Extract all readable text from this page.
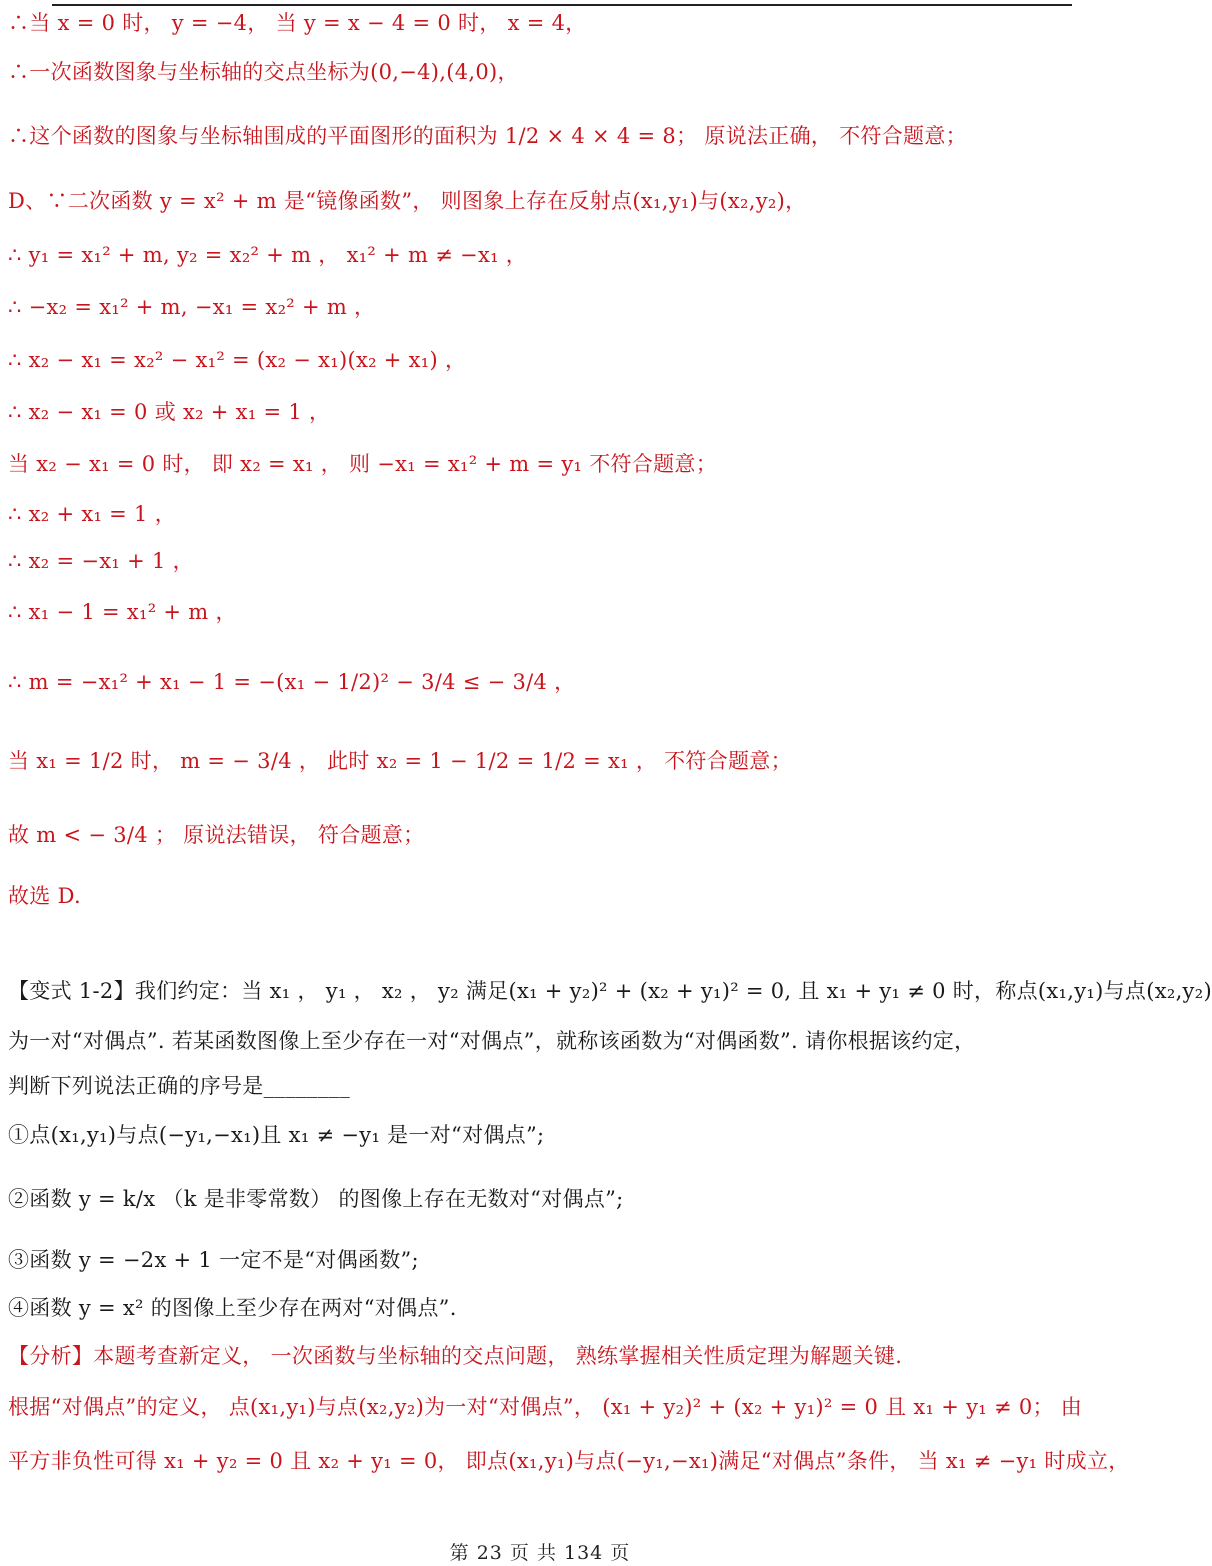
∴当 x = 0 时， y = −4， 当 y = x − 4 = 0 时， x = 4，
∴一次函数图象与坐标轴的交点坐标为(0,−4),(4,0)，
∴这个函数的图象与坐标轴围成的平面图形的面积为 1/2 × 4 × 4 = 8； 原说法正确， 不符合题意；
D、∵二次函数 y = x² + m 是“镜像函数”， 则图象上存在反射点(x₁,y₁)与(x₂,y₂)，
∴ y₁ = x₁² + m, y₂ = x₂² + m ， x₁² + m ≠ −x₁ ，
∴ −x₂ = x₁² + m, −x₁ = x₂² + m ，
∴ x₂ − x₁ = x₂² − x₁² = (x₂ − x₁)(x₂ + x₁) ，
∴ x₂ − x₁ = 0 或 x₂ + x₁ = 1 ，
当 x₂ − x₁ = 0 时， 即 x₂ = x₁ ， 则 −x₁ = x₁² + m = y₁ 不符合题意；
∴ x₂ + x₁ = 1 ，
∴ x₂ = −x₁ + 1 ，
∴ x₁ − 1 = x₁² + m ，
∴ m = −x₁² + x₁ − 1 = −(x₁ − 1/2)² − 3/4 ≤ − 3/4 ，
当 x₁ = 1/2 时， m = − 3/4 ， 此时 x₂ = 1 − 1/2 = 1/2 = x₁ ， 不符合题意；
故 m < − 3/4 ； 原说法错误， 符合题意；
故选 D.
【变式 1-2】我们约定：当 x₁ ， y₁ ， x₂ ， y₂ 满足(x₁ + y₂)² + (x₂ + y₁)² = 0, 且 x₁ + y₁ ≠ 0 时，称点(x₁,y₁)与点(x₂,y₂)
为一对“对偶点”. 若某函数图像上至少存在一对“对偶点”，就称该函数为“对偶函数”. 请你根据该约定，
判断下列说法正确的序号是________
①点(x₁,y₁)与点(−y₁,−x₁)且 x₁ ≠ −y₁ 是一对“对偶点”;
②函数 y = k/x （k 是非零常数） 的图像上存在无数对“对偶点”;
③函数 y = −2x + 1 一定不是“对偶函数”;
④函数 y = x² 的图像上至少存在两对“对偶点”.
【分析】本题考查新定义， 一次函数与坐标轴的交点问题， 熟练掌握相关性质定理为解题关键.
根据“对偶点”的定义， 点(x₁,y₁)与点(x₂,y₂)为一对“对偶点”， (x₁ + y₂)² + (x₂ + y₁)² = 0 且 x₁ + y₁ ≠ 0； 由
平方非负性可得 x₁ + y₂ = 0 且 x₂ + y₁ = 0， 即点(x₁,y₁)与点(−y₁,−x₁)满足“对偶点”条件， 当 x₁ ≠ −y₁ 时成立，
第 23 页 共 134 页
